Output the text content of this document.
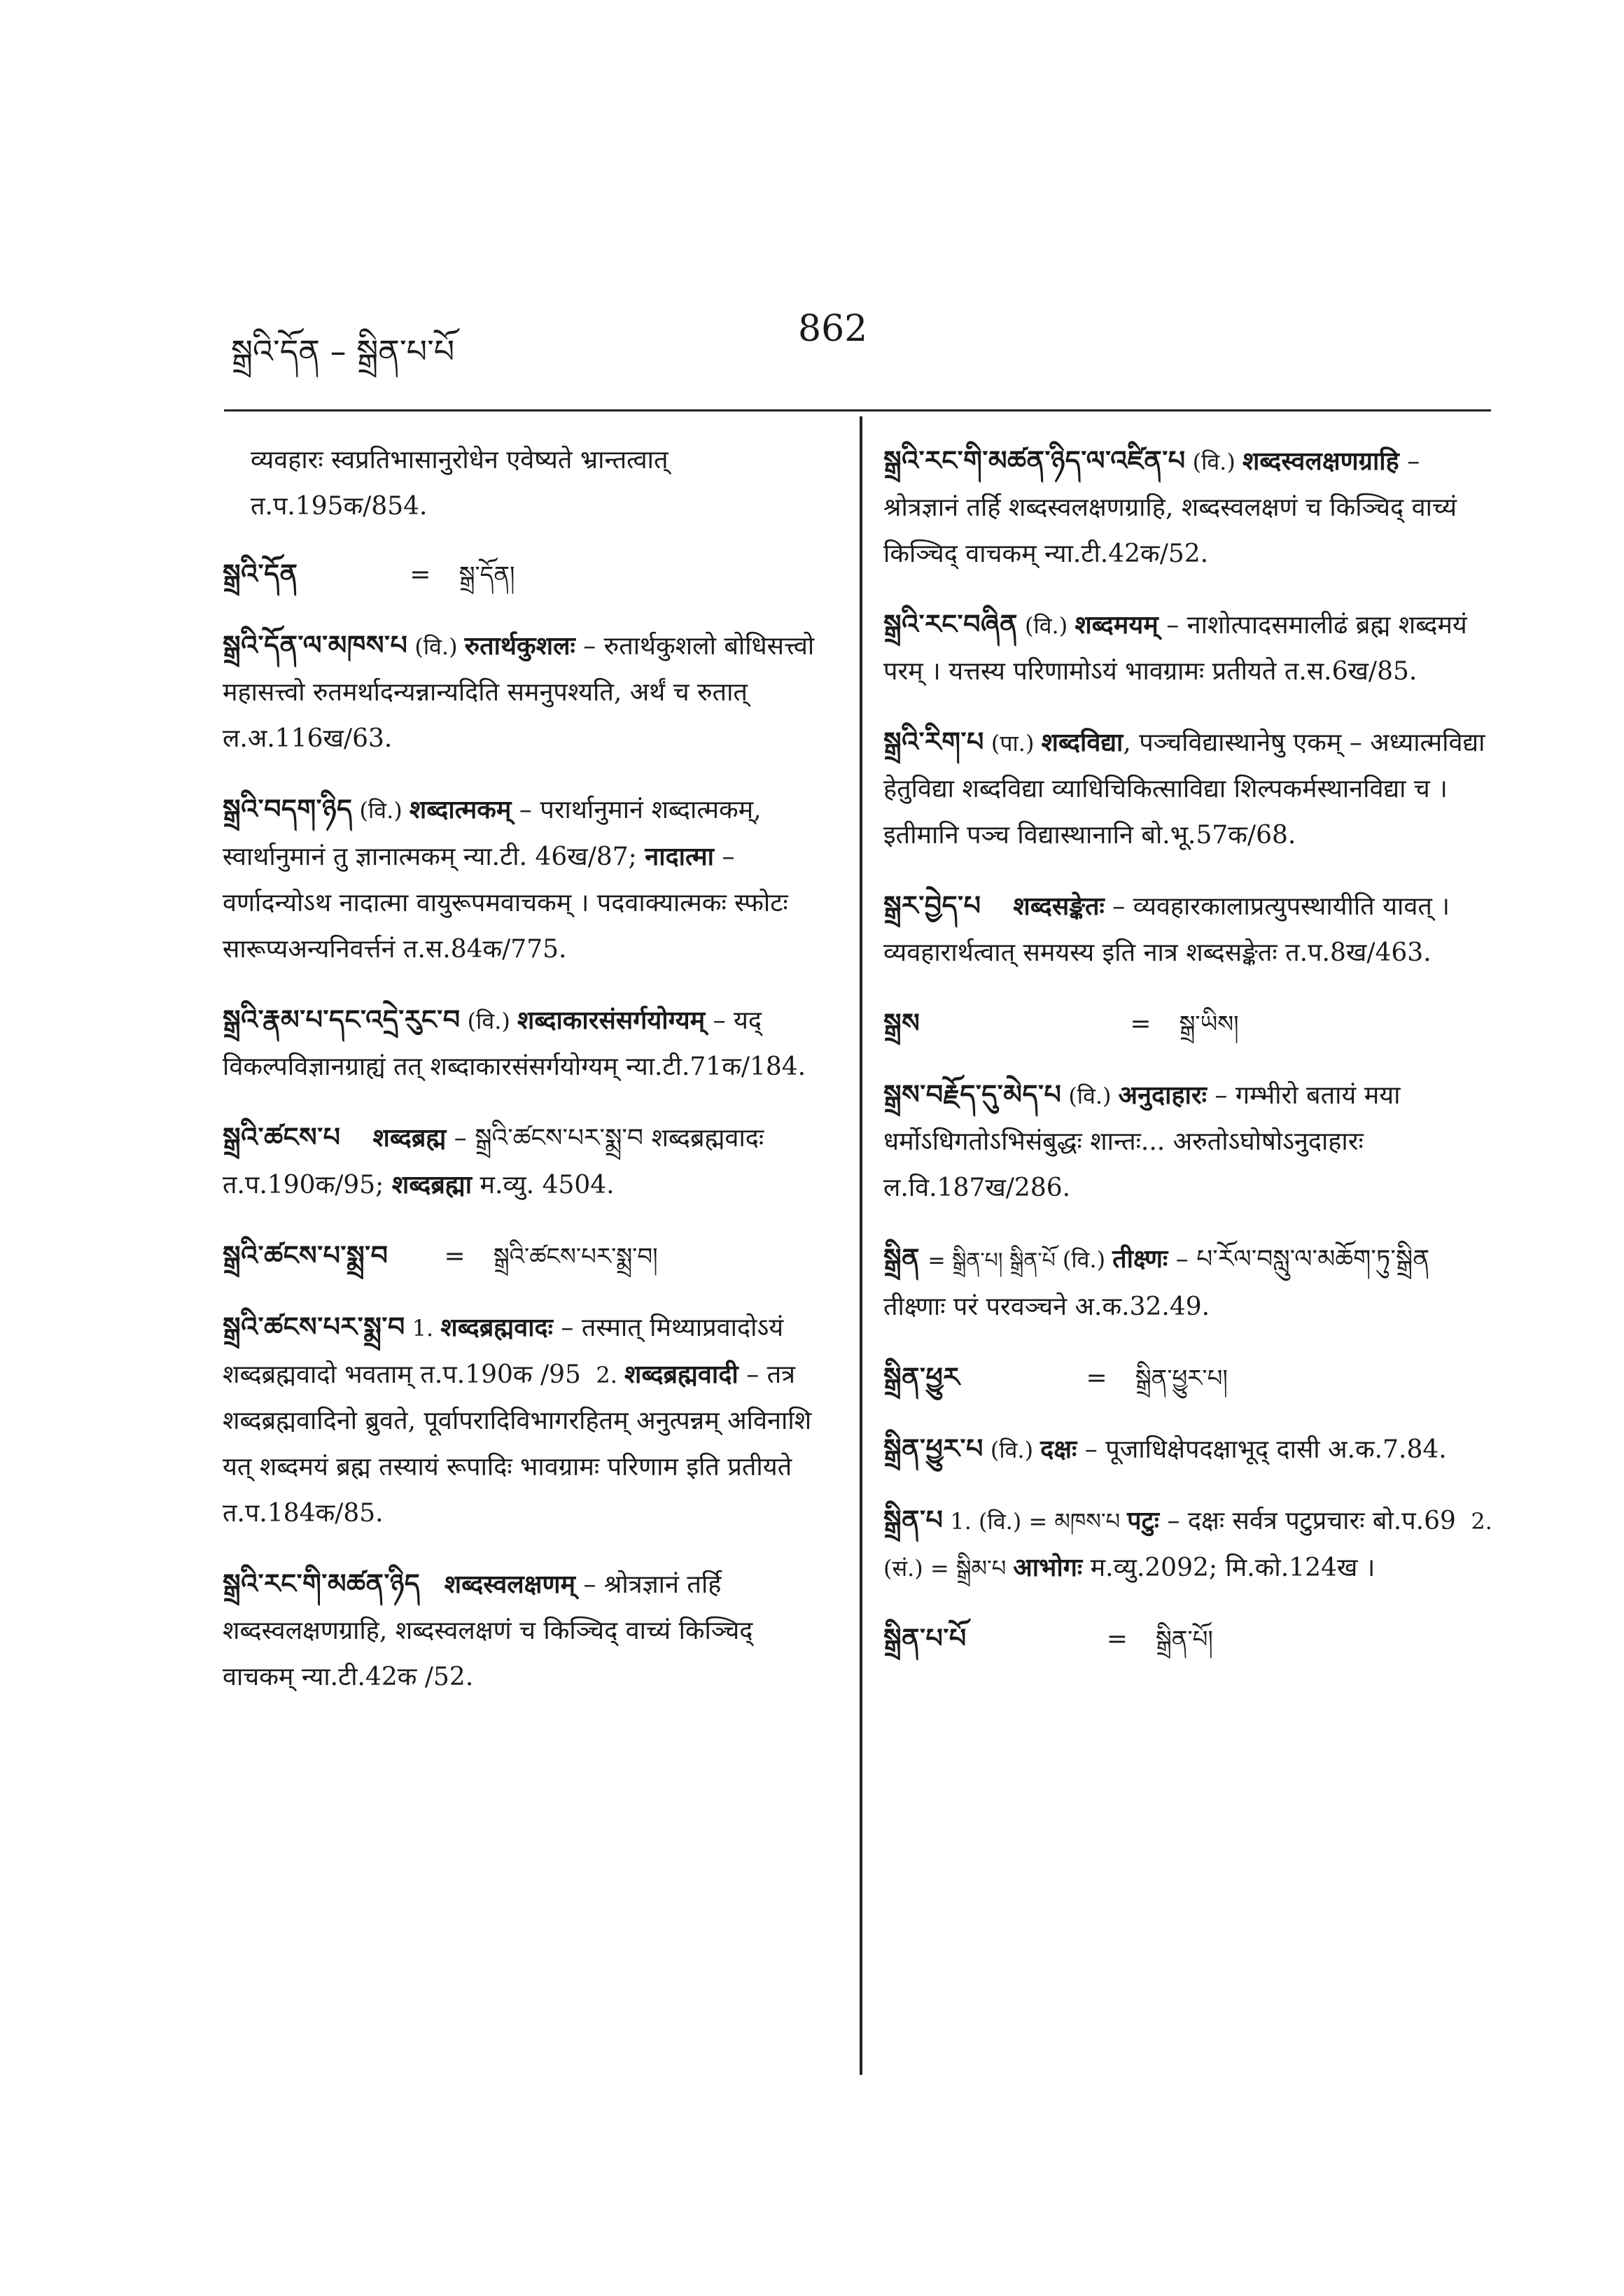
སྒྲའི་དོན – སྒྲིན་པ་པོ
862

व्यवहारः स्वप्रतिभासानुरोधेन एवेष्यते भ्रान्तत्वात् त.प.195क/854.

སྒྲའི་དོན	= སྒྲ་དོན།

སྒྲའི་དོན་ལ་མཁས་པ (वि.) रुतार्थकुशलः – रुतार्थकुशलो बोधिसत्त्वो महासत्त्वो रुतमर्थादन्यन्नान्यदिति समनुपश्यति, अर्थं च रुतात् ल.अ.116ख/63.

སྒྲའི་བདག་ཉིད (वि.) शब्दात्मकम् – परार्थानुमानं शब्दात्मकम्, स्वार्थानुमानं तु ज्ञानात्मकम् न्या.टी. 46ख/87; नादात्मा – वर्णादन्योऽथ नादात्मा वायुरूपमवाचकम् । पदवाक्यात्मकः स्फोटः सारूप्यअन्यनिवर्त्तनं त.स.84क/775.

སྒྲའི་རྣམ་པ་དང་འདྲེ་རུང་བ (वि.) शब्दाकारसंसर्गयोग्यम् – यद् विकल्पविज्ञानग्राह्यं तत् शब्दाकारसंसर्गयोग्यम् न्या.टी.71क/184.

སྒྲའི་ཚངས་པ शब्दब्रह्म – སྒྲའི་ཚངས་པར་སྨྲ་བ शब्दब्रह्मवादः त.प.190क/95; शब्दब्रह्मा म.व्यु. 4504.

སྒྲའི་ཚངས་པ་སྨྲ་བ = སྒྲའི་ཚངས་པར་སྨྲ་བ།

སྒྲའི་ཚངས་པར་སྨྲ་བ 1. शब्दब्रह्मवादः – तस्मात् मिथ्याप्रवादोऽयं शब्दब्रह्मवादो भवताम् त.प.190क /95 2. शब्दब्रह्मवादी – तत्र शब्दब्रह्मवादिनो ब्रुवते, पूर्वापरादिविभागरहितम् अनुत्पन्नम् अविनाशि यत् शब्दमयं ब्रह्म तस्यायं रूपादिः भावग्रामः परिणाम इति प्रतीयते त.प.184क/85.

སྒྲའི་རང་གི་མཚན་ཉིད शब्दस्वलक्षणम् – श्रोत्रज्ञानं तर्हि शब्दस्वलक्षणग्राहि, शब्दस्वलक्षणं च किञ्चिद् वाच्यं किञ्चिद् वाचकम् न्या.टी.42क /52.

སྒྲའི་རང་གི་མཚན་ཉིད་ལ་འཛིན་པ (वि.) शब्दस्वलक्षणग्राहि – श्रोत्रज्ञानं तर्हि शब्दस्वलक्षणग्राहि, शब्दस्वलक्षणं च किञ्चिद् वाच्यं किञ्चिद् वाचकम् न्या.टी.42क/52.

སྒྲའི་རང་བཞིན (वि.) शब्दमयम् – नाशोत्पादसमालीढं ब्रह्म शब्दमयं परम् । यत्तस्य परिणामोऽयं भावग्रामः प्रतीयते त.स.6ख/85.

སྒྲའི་རིག་པ (पा.) शब्दविद्या, पञ्चविद्यास्थानेषु एकम् – अध्यात्मविद्या हेतुविद्या शब्दविद्या व्याधिचिकित्साविद्या शिल्पकर्मस्थानविद्या च । इतीमानि पञ्च विद्यास्थानानि बो.भू.57क/68.

སྒྲར་བྱེད་པ शब्दसङ्केतः – व्यवहारकालाप्रत्युपस्थायीति यावत् । व्यवहारार्थत्वात् समयस्य इति नात्र शब्दसङ्केतः त.प.8ख/463.

སྒྲས	= སྒྲ་ཡིས།

སྒྲས་བརྗོད་དུ་མེད་པ (वि.) अनुदाहारः – गम्भीरो बतायं मया धर्मोऽधिगतोऽभिसंबुद्धः शान्तः... अरुतोऽघोषोऽनुदाहारः ल.वि.187ख/286.

སྒྲིན = སྒྲིན་པ། སྒྲིན་པོ (वि.) तीक्ष्णः – པ་རོལ་བསླུ་ལ་མཆོག་ཏུ་སྒྲིན तीक्ष्णाः परं परवञ्चने अ.क.32.49.

སྒྲིན་ཕྱུར	= སྒྲིན་ཕྱུར་པ།

སྒྲིན་ཕྱུར་པ (वि.) दक्षः – पूजाधिक्षेपदक्षाभूद् दासी अ.क.7.84.

སྒྲིན་པ 1. (वि.) = མཁས་པ पटुः – दक्षः सर्वत्र पटुप्रचारः बो.प.69 2. (सं.) = སྒྲིམ་པ आभोगः म.व्यु.2092; मि.को.124ख ।

སྒྲིན་པ་པོ	= སྒྲིན་པོ།
